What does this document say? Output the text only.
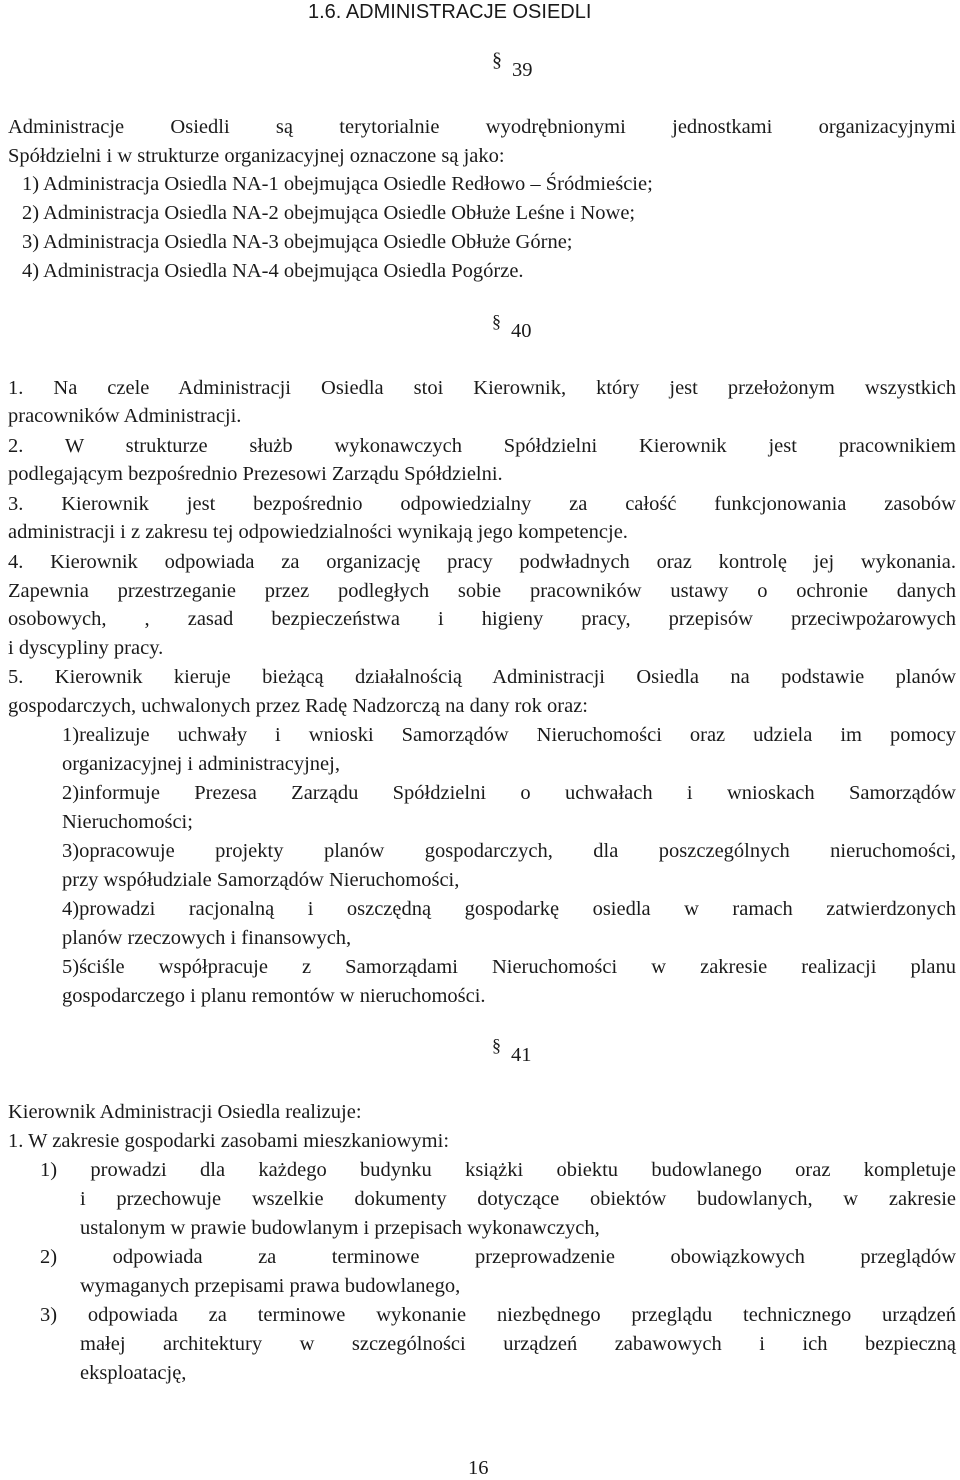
1.6. ADMINISTRACJE OSIEDLI
§ 39
Administracje Osiedli są terytorialnie wyodrębnionymi jednostkami organizacyjnymi
Spółdzielni i w strukturze organizacyjnej oznaczone są jako:
1) Administracja Osiedla NA-1 obejmująca Osiedle Redłowo – Śródmieście;
2) Administracja Osiedla NA-2 obejmująca Osiedle Obłuże Leśne i Nowe;
3) Administracja Osiedla NA-3 obejmująca Osiedle Obłuże Górne;
4) Administracja Osiedla NA-4 obejmująca Osiedla Pogórze.
§ 40
1. Na czele Administracji Osiedla stoi Kierownik, który jest przełożonym wszystkich
pracowników Administracji.
2. W strukturze służb wykonawczych Spółdzielni Kierownik jest pracownikiem
podlegającym bezpośrednio Prezesowi Zarządu Spółdzielni.
3. Kierownik jest bezpośrednio odpowiedzialny za całość funkcjonowania zasobów
administracji i z zakresu tej odpowiedzialności wynikają jego kompetencje.
4. Kierownik odpowiada za organizację pracy podwładnych oraz kontrolę jej wykonania.
Zapewnia przestrzeganie przez podległych sobie pracowników ustawy o ochronie danych
osobowych, , zasad bezpieczeństwa i higieny pracy, przepisów przeciwpożarowych
i dyscypliny pracy.
5. Kierownik kieruje bieżącą działalnością Administracji Osiedla na podstawie planów
gospodarczych, uchwalonych przez Radę Nadzorczą na dany rok oraz:
1)realizuje uchwały i wnioski Samorządów Nieruchomości oraz udziela im pomocy
organizacyjnej i administracyjnej,
2)informuje Prezesa Zarządu Spółdzielni o uchwałach i wnioskach Samorządów
Nieruchomości;
3)opracowuje projekty planów gospodarczych, dla poszczególnych nieruchomości,
przy współudziale Samorządów Nieruchomości,
4)prowadzi racjonalną i oszczędną gospodarkę osiedla w ramach zatwierdzonych
planów rzeczowych i finansowych,
5)ściśle współpracuje z Samorządami Nieruchomości w zakresie realizacji planu
gospodarczego i planu remontów w nieruchomości.
§ 41
Kierownik Administracji Osiedla realizuje:
1. W zakresie gospodarki zasobami mieszkaniowymi:
1) prowadzi dla każdego budynku książki obiektu budowlanego oraz kompletuje
i przechowuje wszelkie dokumenty dotyczące obiektów budowlanych, w zakresie
ustalonym w prawie budowlanym i przepisach wykonawczych,
2) odpowiada za terminowe przeprowadzenie obowiązkowych przeglądów
wymaganych przepisami prawa budowlanego,
3) odpowiada za terminowe wykonanie niezbędnego przeglądu technicznego urządzeń
małej architektury w szczególności urządzeń zabawowych i ich bezpieczną
eksploatację,
16
